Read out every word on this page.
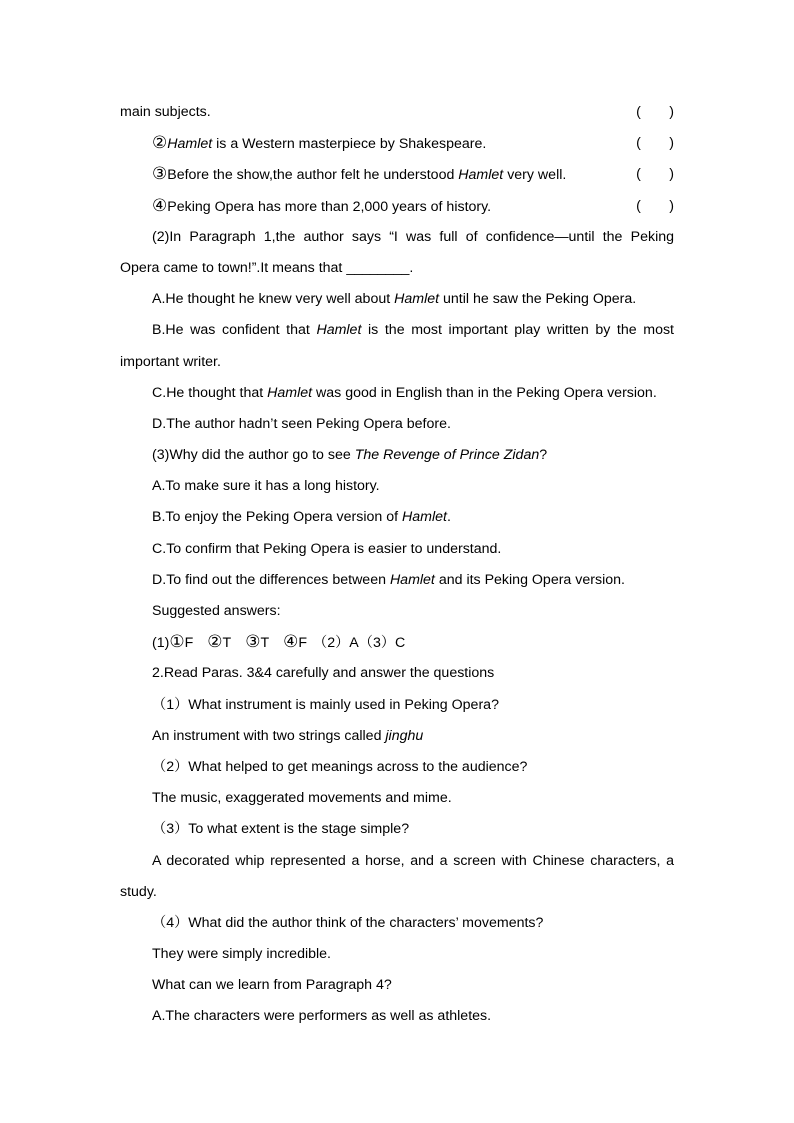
main subjects.	(　　)
②Hamlet is a Western masterpiece by Shakespeare.	(　　)
③Before the show,the author felt he understood Hamlet very well.	(　　)
④Peking Opera has more than 2,000 years of history.	(　　)
(2)In Paragraph 1,the author says “I was full of confidence—until the Peking
Opera came to town!”.It means that ________.
A.He thought he knew very well about Hamlet until he saw the Peking Opera.
B.He was confident that Hamlet is the most important play written by the most
important writer.
C.He thought that Hamlet was good in English than in the Peking Opera version.
D.The author hadn’t seen Peking Opera before.
(3)Why did the author go to see The Revenge of Prince Zidan?
A.To make sure it has a long history.
B.To enjoy the Peking Opera version of Hamlet.
C.To confirm that Peking Opera is easier to understand.
D.To find out the differences between Hamlet and its Peking Opera version.
Suggested answers:
(1)①F ②T ③T ④F （2）A（3）C
2.Read Paras. 3&4 carefully and answer the questions
（1）What instrument is mainly used in Peking Opera?
An instrument with two strings called jinghu
（2）What helped to get meanings across to the audience?
The music, exaggerated movements and mime.
（3）To what extent is the stage simple?
A decorated whip represented a horse, and a screen with Chinese characters, a
study.
（4）What did the author think of the characters’ movements?
They were simply incredible.
What can we learn from Paragraph 4?
A.The characters were performers as well as athletes.
